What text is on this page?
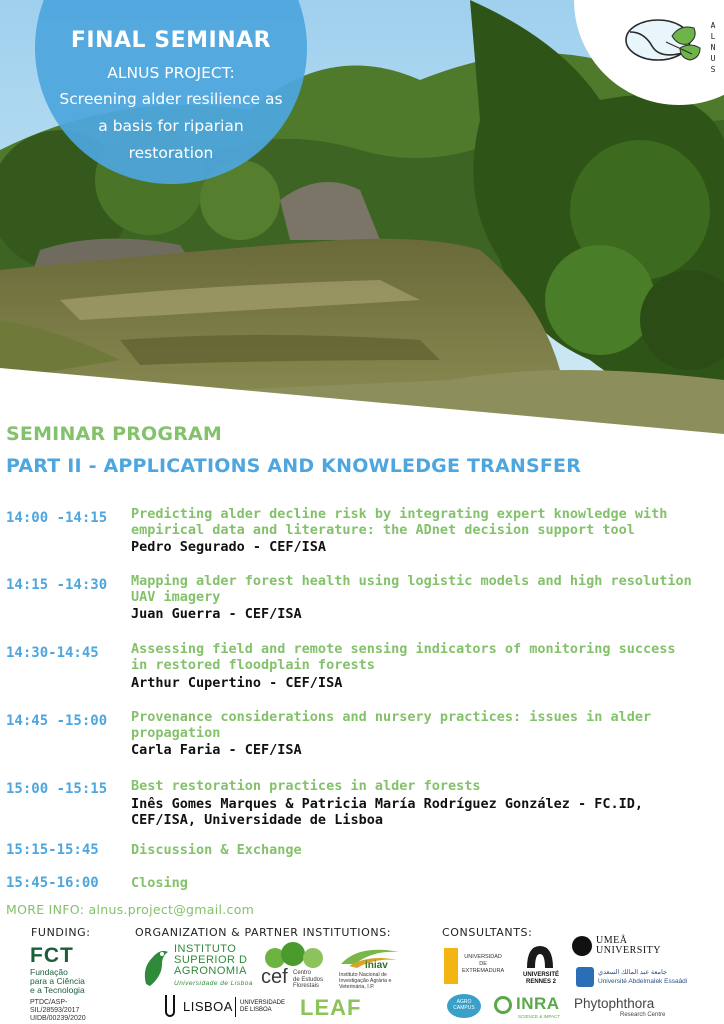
FINAL SEMINAR
ALNUS PROJECT:
Screening alder resilience as
a basis for riparian
restoration
A
L
N
U
S
SEMINAR PROGRAM
PART II - APPLICATIONS AND KNOWLEDGE TRANSFER
14:00 -14:15 Predicting alder decline risk by integrating expert knowledge with
empirical data and literature: the ADnet decision support tool
Pedro Segurado - CEF/ISA
14:15 -14:30 Mapping alder forest health using logistic models and high resolution
UAV imagery
Juan Guerra - CEF/ISA
14:30-14:45 Assessing field and remote sensing indicators of monitoring success
in restored floodplain forests
Arthur Cupertino - CEF/ISA
14:45 -15:00 Provenance considerations and nursery practices: issues in alder
propagation
Carla Faria - CEF/ISA
15:00 -15:15 Best restoration practices in alder forests
Inês Gomes Marques & Patricia María Rodríguez González - FC.ID,
CEF/ISA, Universidade de Lisboa
15:15-15:45 Discussion & Exchange
15:45-16:00 Closing
MORE INFO: alnus.project@gmail.com
FUNDING:	ORGANIZATION & PARTNER INSTITUTIONS:	CONSULTANTS:
FCT
Fundação
para a Ciência
e a Tecnologia
PTDC/ASP-
SIL/28593/2017
UIDB/00239/2020
INSTITUTO
SUPERIOR D
AGRONOMIA
Universidade de Lisboa cef Centro
de Estudos
Florestais
iniav
Instituto Nacional de
Investigação Agrária e
Veterinária, I.P.
LISBOA UNIVERSIDADE
DE LISBOA	LEAF
UNIVERSIDAD
DE
EXTREMADURA
UNIVERSITÉ
RENNES 2
UMEÅ
UNIVERSITY
جامعة عبد المالك السعدي
Université Abdelmalek Essaâdi
AGRO
CAMPUS	INRA
SCIENCE & IMPACT
Phytophthora
Research Centre
